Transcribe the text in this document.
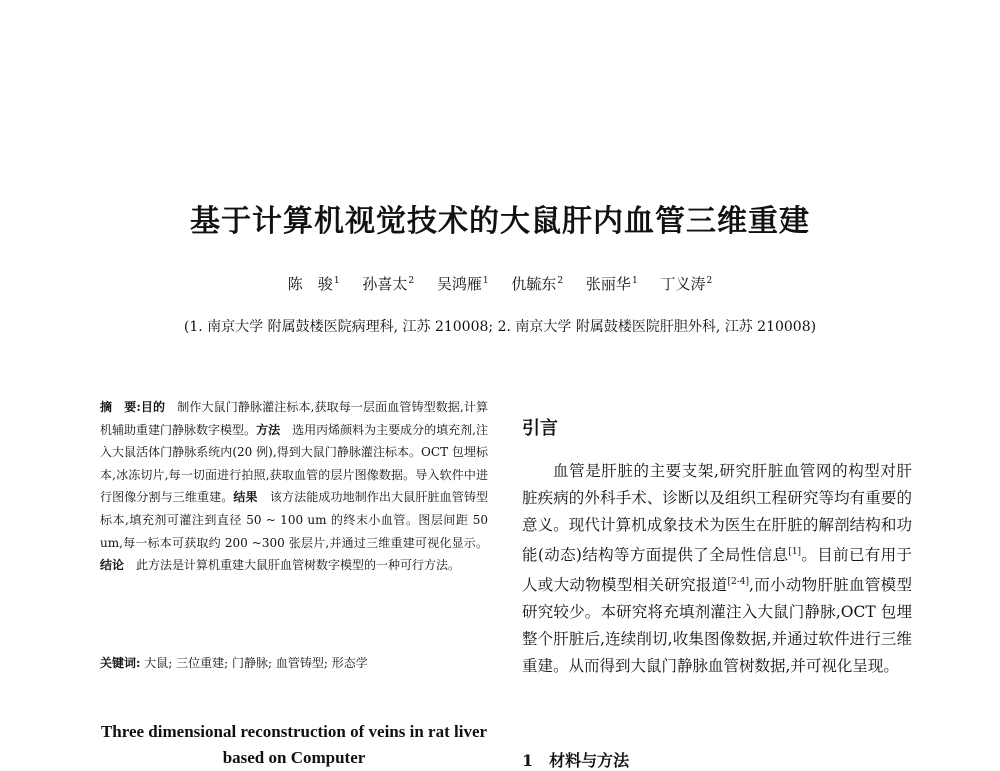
基于计算机视觉技术的大鼠肝内血管三维重建
陈　骏$^1$ 孙喜太$^2$ 吴鸿雁$^1$ 仇毓东$^2$ 张丽华$^1$ 丁义涛$^2$
(1. 南京大学 附属鼓楼医院病理科, 江苏 210008; 2. 南京大学 附属鼓楼医院肝胆外科, 江苏 210008)
摘　要:目的　 制作大鼠门静脉灌注标本,获取每一层面血管铸型数据,计算机辅助重建门静脉数字模型。方法　 选用丙烯颜料为主要成分的填充剂,注入大鼠活体门静脉系统内(20 例),得到大鼠门静脉灌注标本。OCT 包埋标本,冰冻切片,每一切面进行拍照,获取血管的层片图像数据。导入软件中进行图像分割与三维重建。结果　 该方法能成功地制作出大鼠肝脏血管铸型标本,填充剂可灌注到直径 50 ~ 100 um 的终末小血管。图层间距 50 um,每一标本可获取约 200 ~300 张层片,并通过三维重建可视化显示。结论　 此方法是计算机重建大鼠肝血管树数字模型的一种可行方法。
关键词: 大鼠; 三位重建; 门静脉; 血管铸型; 形态学
Three dimensional reconstruction of veins in rat liver based on Computer
引言
血管是肝脏的主要支架,研究肝脏血管网的构型对肝脏疾病的外科手术、诊断以及组织工程研究等均有重要的意义。现代计算机成象技术为医生在肝脏的解剖结构和功能(动态)结构等方面提供了全局性信息[1]。目前已有用于人或大动物模型相关研究报道[2-4],而小动物肝脏血管模型研究较少。本研究将充填剂灌注入大鼠门静脉,OCT 包埋整个肝脏后,连续削切,收集图像数据,并通过软件进行三维重建。从而得到大鼠门静脉血管树数据,并可视化呈现。
1　材料与方法
